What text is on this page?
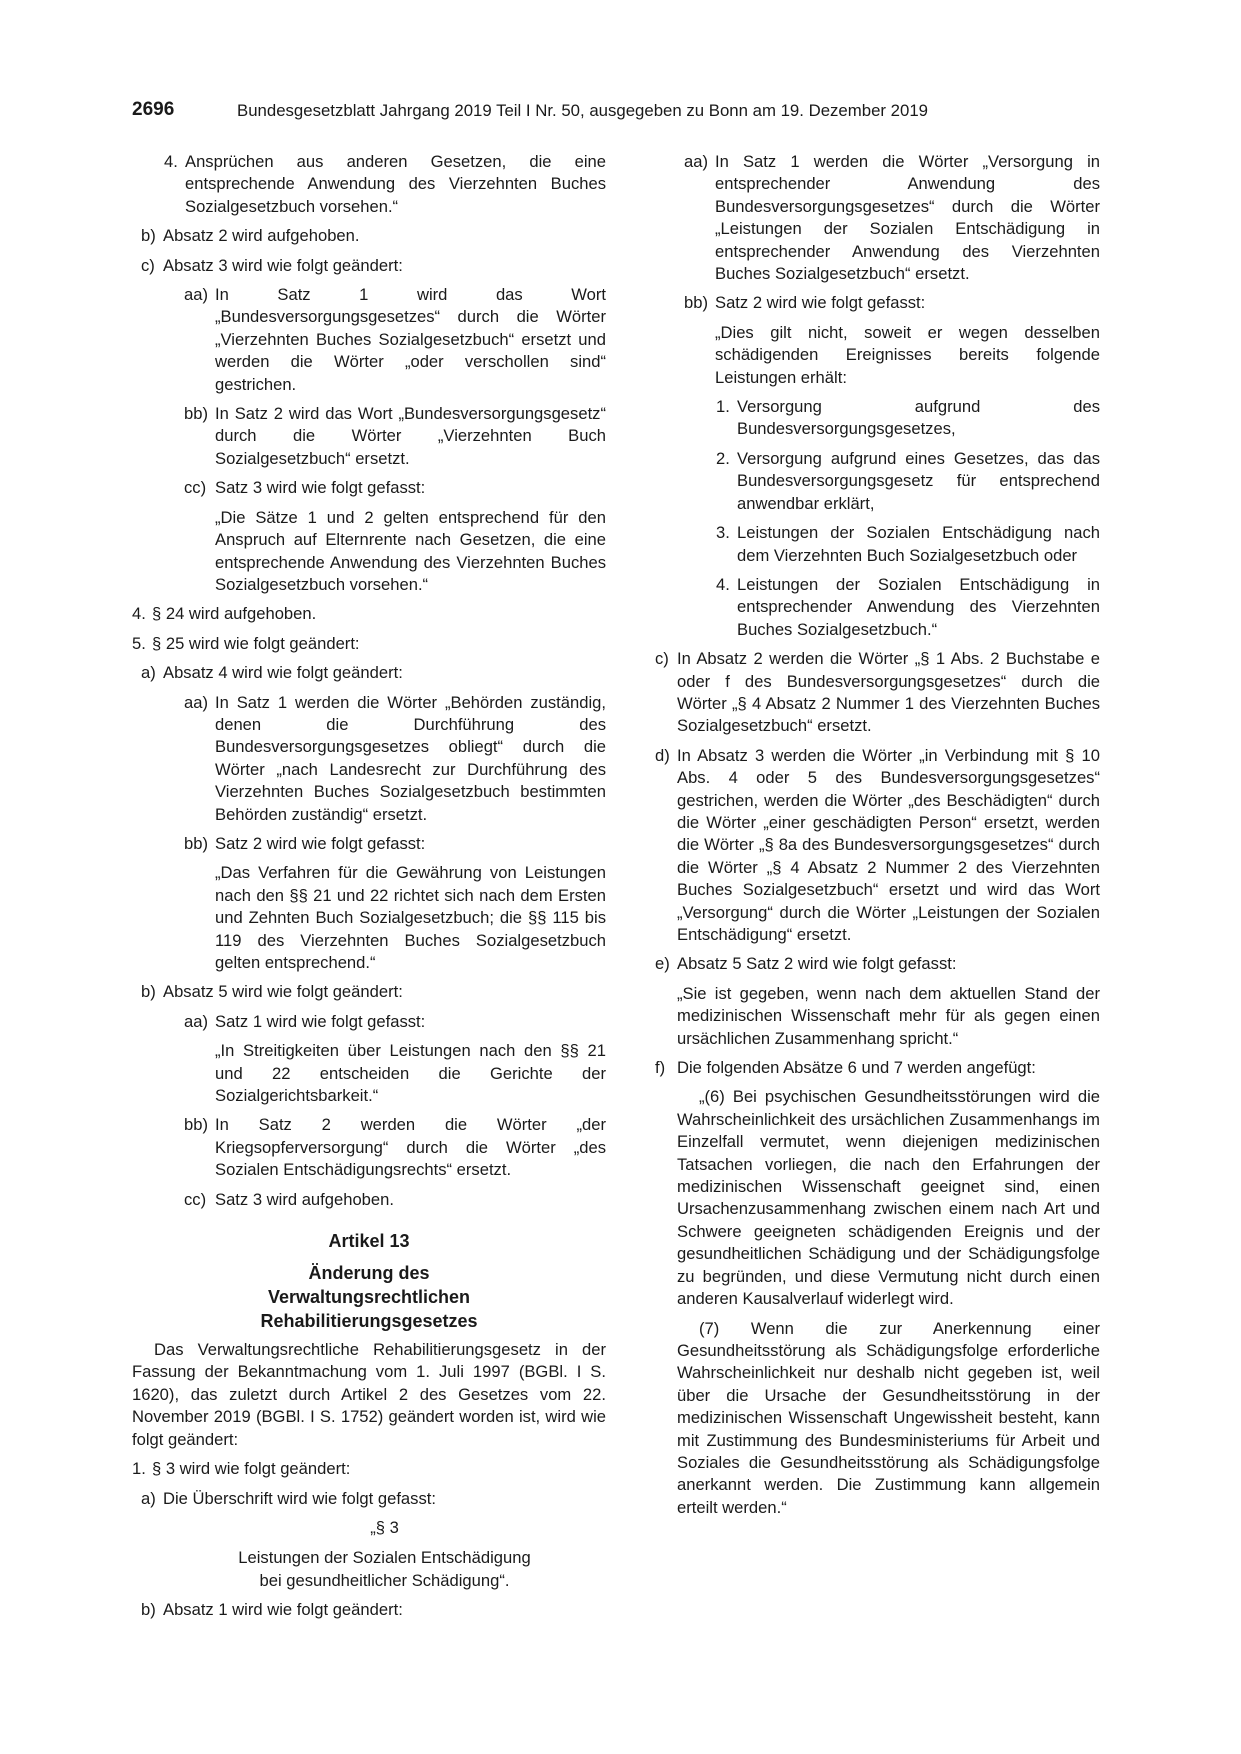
2696	Bundesgesetzblatt Jahrgang 2019 Teil I Nr. 50, ausgegeben zu Bonn am 19. Dezember 2019
4. Ansprüchen aus anderen Gesetzen, die eine entsprechende Anwendung des Vierzehnten Buches Sozialgesetzbuch vorsehen.“
b) Absatz 2 wird aufgehoben.
c) Absatz 3 wird wie folgt geändert:
aa) In Satz 1 wird das Wort „Bundesversorgungsgesetzes“ durch die Wörter „Vierzehnten Buches Sozialgesetzbuch“ ersetzt und werden die Wörter „oder verschollen sind“ gestrichen.
bb) In Satz 2 wird das Wort „Bundesversorgungsgesetz“ durch die Wörter „Vierzehnten Buch Sozialgesetzbuch“ ersetzt.
cc) Satz 3 wird wie folgt gefasst:
„Die Sätze 1 und 2 gelten entsprechend für den Anspruch auf Elternrente nach Gesetzen, die eine entsprechende Anwendung des Vierzehnten Buches Sozialgesetzbuch vorsehen.“
4. § 24 wird aufgehoben.
5. § 25 wird wie folgt geändert:
a) Absatz 4 wird wie folgt geändert:
aa) In Satz 1 werden die Wörter „Behörden zuständig, denen die Durchführung des Bundesversorgungsgesetzes obliegt“ durch die Wörter „nach Landesrecht zur Durchführung des Vierzehnten Buches Sozialgesetzbuch bestimmten Behörden zuständig“ ersetzt.
bb) Satz 2 wird wie folgt gefasst:
„Das Verfahren für die Gewährung von Leistungen nach den §§ 21 und 22 richtet sich nach dem Ersten und Zehnten Buch Sozialgesetzbuch; die §§ 115 bis 119 des Vierzehnten Buches Sozialgesetzbuch gelten entsprechend.“
b) Absatz 5 wird wie folgt geändert:
aa) Satz 1 wird wie folgt gefasst:
„In Streitigkeiten über Leistungen nach den §§ 21 und 22 entscheiden die Gerichte der Sozialgerichtsbarkeit.“
bb) In Satz 2 werden die Wörter „der Kriegsopferversorgung“ durch die Wörter „des Sozialen Entschädigungsrechts“ ersetzt.
cc) Satz 3 wird aufgehoben.
Artikel 13
Änderung des
Verwaltungsrechtlichen
Rehabilitierungsgesetzes
Das Verwaltungsrechtliche Rehabilitierungsgesetz in der Fassung der Bekanntmachung vom 1. Juli 1997 (BGBl. I S. 1620), das zuletzt durch Artikel 2 des Gesetzes vom 22. November 2019 (BGBl. I S. 1752) geändert worden ist, wird wie folgt geändert:
1. § 3 wird wie folgt geändert:
a) Die Überschrift wird wie folgt gefasst:
„§ 3
Leistungen der Sozialen Entschädigung
bei gesundheitlicher Schädigung“.
b) Absatz 1 wird wie folgt geändert:
aa) In Satz 1 werden die Wörter „Versorgung in entsprechender Anwendung des Bundesversorgungsgesetzes“ durch die Wörter „Leistungen der Sozialen Entschädigung in entsprechender Anwendung des Vierzehnten Buches Sozialgesetzbuch“ ersetzt.
bb) Satz 2 wird wie folgt gefasst:
„Dies gilt nicht, soweit er wegen desselben schädigenden Ereignisses bereits folgende Leistungen erhält:
1. Versorgung aufgrund des Bundesversorgungsgesetzes,
2. Versorgung aufgrund eines Gesetzes, das das Bundesversorgungsgesetz für entsprechend anwendbar erklärt,
3. Leistungen der Sozialen Entschädigung nach dem Vierzehnten Buch Sozialgesetzbuch oder
4. Leistungen der Sozialen Entschädigung in entsprechender Anwendung des Vierzehnten Buches Sozialgesetzbuch.“
c) In Absatz 2 werden die Wörter „§ 1 Abs. 2 Buchstabe e oder f des Bundesversorgungsgesetzes“ durch die Wörter „§ 4 Absatz 2 Nummer 1 des Vierzehnten Buches Sozialgesetzbuch“ ersetzt.
d) In Absatz 3 werden die Wörter „in Verbindung mit § 10 Abs. 4 oder 5 des Bundesversorgungsgesetzes“ gestrichen, werden die Wörter „des Beschädigten“ durch die Wörter „einer geschädigten Person“ ersetzt, werden die Wörter „§ 8a des Bundesversorgungsgesetzes“ durch die Wörter „§ 4 Absatz 2 Nummer 2 des Vierzehnten Buches Sozialgesetzbuch“ ersetzt und wird das Wort „Versorgung“ durch die Wörter „Leistungen der Sozialen Entschädigung“ ersetzt.
e) Absatz 5 Satz 2 wird wie folgt gefasst:
„Sie ist gegeben, wenn nach dem aktuellen Stand der medizinischen Wissenschaft mehr für als gegen einen ursächlichen Zusammenhang spricht.“
f) Die folgenden Absätze 6 und 7 werden angefügt:
„(6) Bei psychischen Gesundheitsstörungen wird die Wahrscheinlichkeit des ursächlichen Zusammenhangs im Einzelfall vermutet, wenn diejenigen medizinischen Tatsachen vorliegen, die nach den Erfahrungen der medizinischen Wissenschaft geeignet sind, einen Ursachenzusammenhang zwischen einem nach Art und Schwere geeigneten schädigenden Ereignis und der gesundheitlichen Schädigung und der Schädigungsfolge zu begründen, und diese Vermutung nicht durch einen anderen Kausalverlauf widerlegt wird.
(7) Wenn die zur Anerkennung einer Gesundheitsstörung als Schädigungsfolge erforderliche Wahrscheinlichkeit nur deshalb nicht gegeben ist, weil über die Ursache der Gesundheitsstörung in der medizinischen Wissenschaft Ungewissheit besteht, kann mit Zustimmung des Bundesministeriums für Arbeit und Soziales die Gesundheitsstörung als Schädigungsfolge anerkannt werden. Die Zustimmung kann allgemein erteilt werden.“
